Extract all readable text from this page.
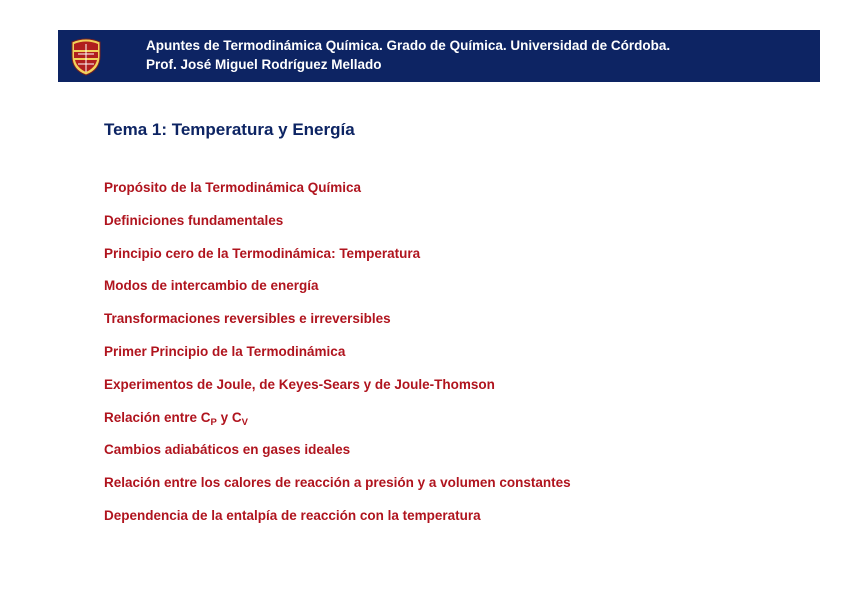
Apuntes de Termodinámica Química. Grado de Química. Universidad de Córdoba.
Prof. José Miguel Rodríguez Mellado
Tema 1: Temperatura y Energía
Propósito de la Termodinámica Química
Definiciones fundamentales
Principio cero de la Termodinámica: Temperatura
Modos de intercambio de energía
Transformaciones reversibles e irreversibles
Primer Principio de la Termodinámica
Experimentos de Joule, de Keyes-Sears y de Joule-Thomson
Relación entre $C_P$ y $C_V$
Cambios adiabáticos en gases ideales
Relación entre los calores de reacción a presión y a volumen constantes
Dependencia de la entalpía de reacción con la temperatura
